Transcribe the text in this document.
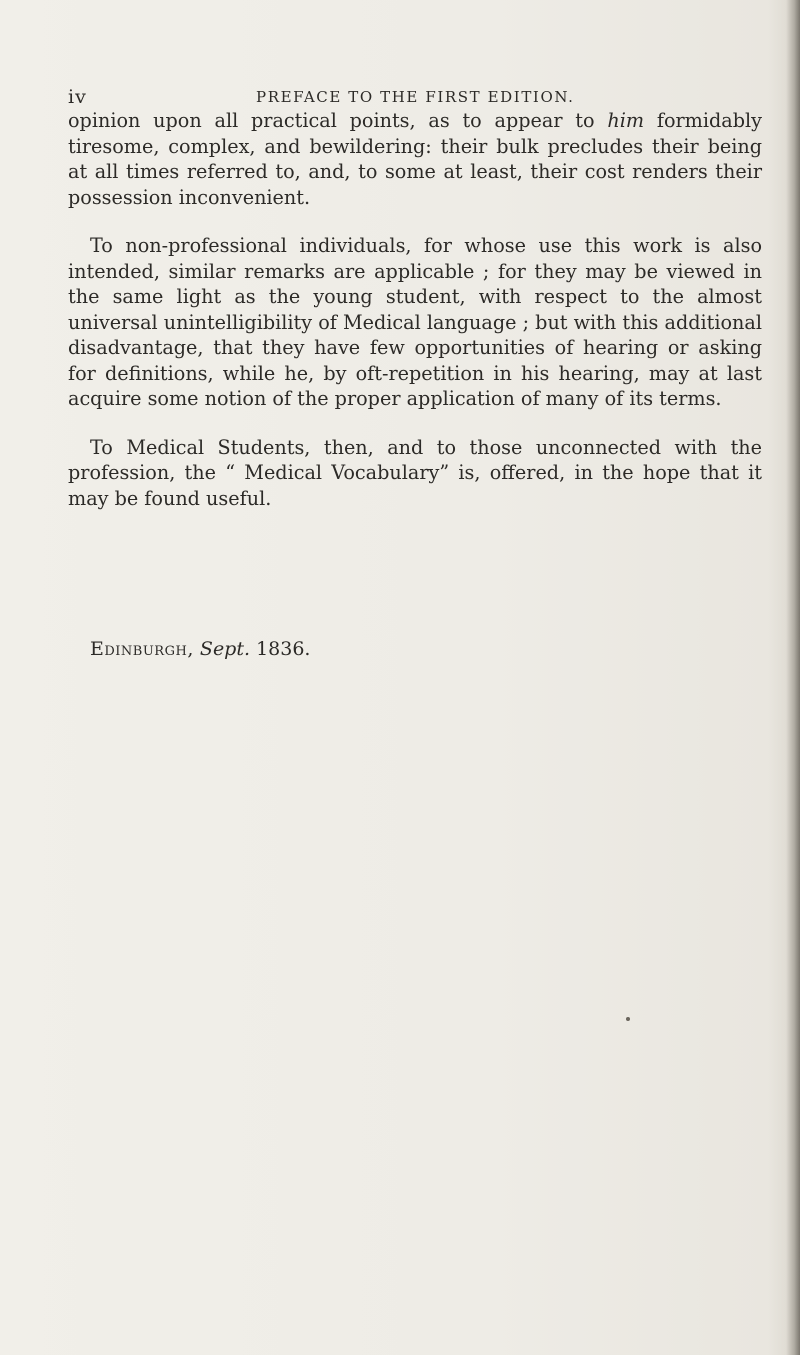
iv	PREFACE TO THE FIRST EDITION.

opinion upon all practical points, as to appear to him formidably tiresome, complex, and bewildering: their bulk precludes their being at all times referred to, and, to some at least, their cost renders their possession inconvenient.

To non-professional individuals, for whose use this work is also intended, similar remarks are applicable ; for they may be viewed in the same light as the young student, with respect to the almost universal unintelligibility of Medical language ; but with this additional disadvantage, that they have few opportunities of hearing or asking for definitions, while he, by oft-repetition in his hearing, may at last acquire some notion of the proper application of many of its terms.

To Medical Students, then, and to those unconnected with the profession, the “ Medical Vocabulary” is, offered, in the hope that it may be found useful.

Edinburgh, Sept. 1836.
